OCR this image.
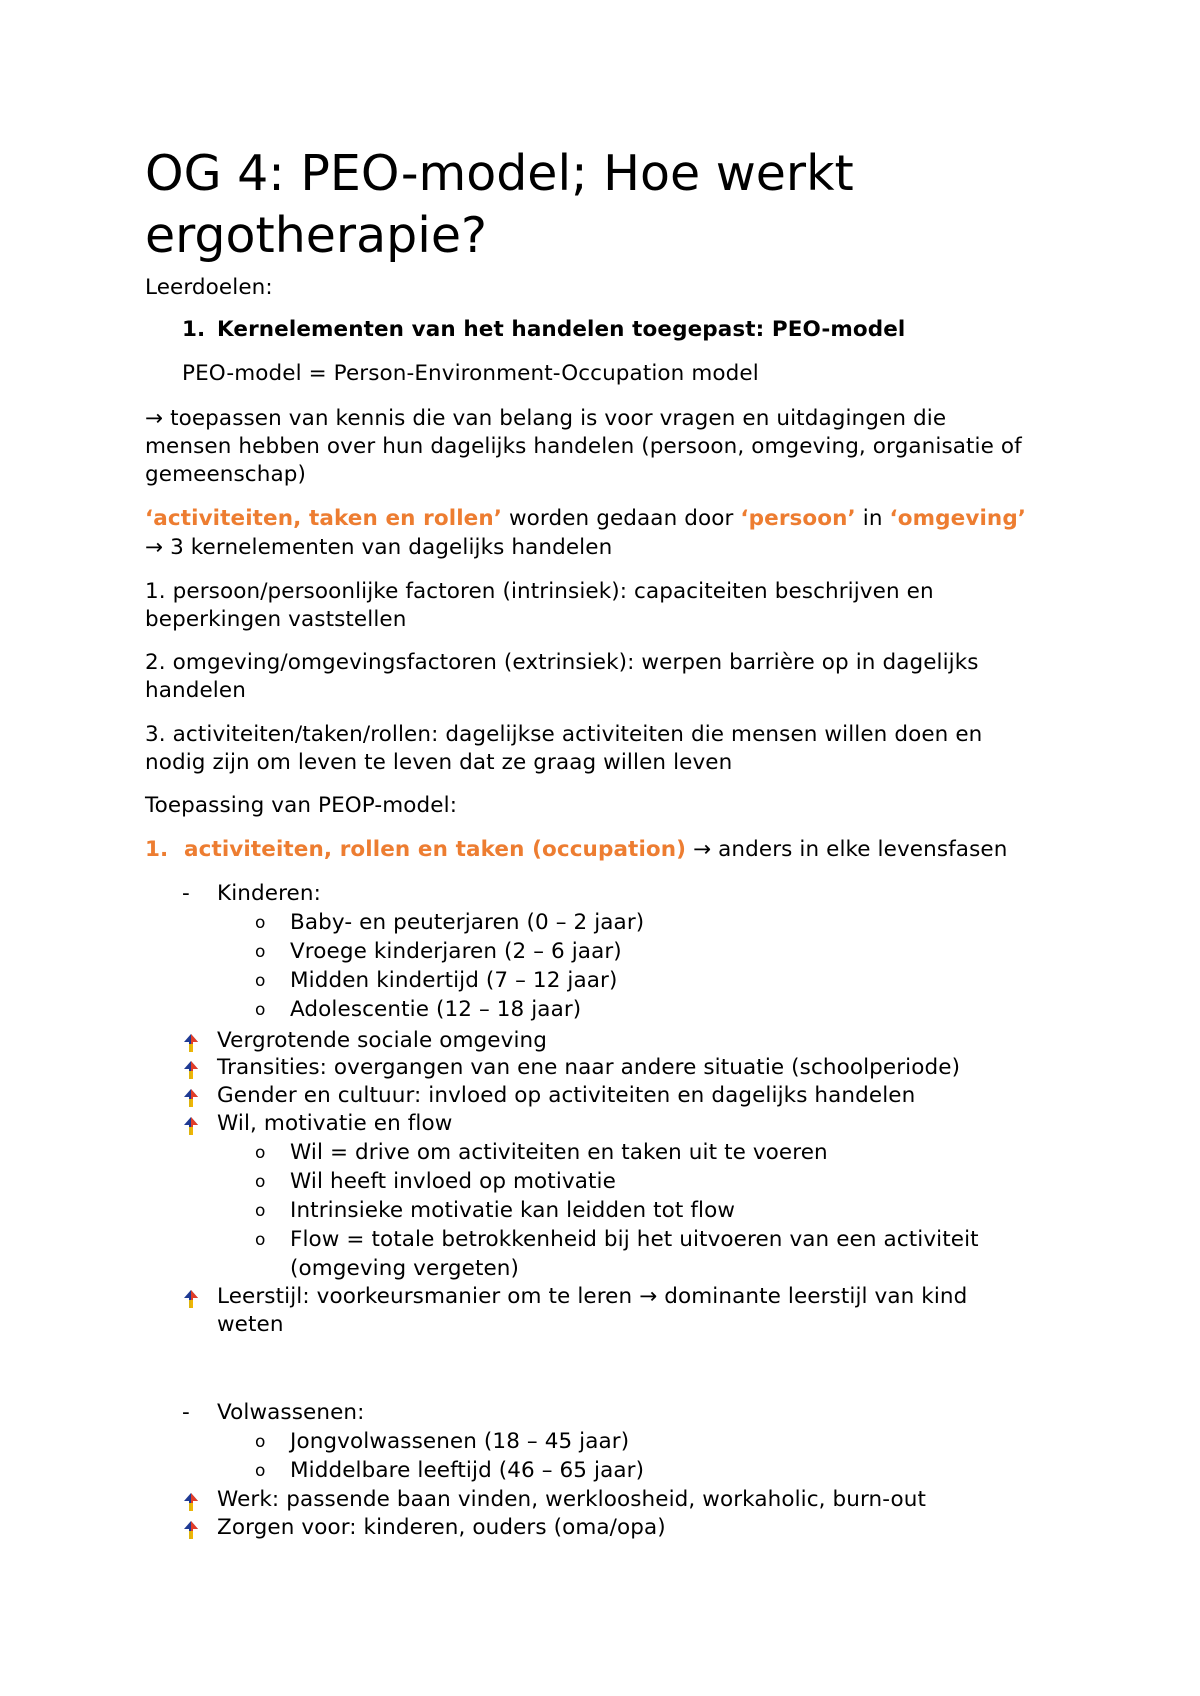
OG 4: PEO-model; Hoe werkt
ergotherapie?
Leerdoelen:
1. Kernelementen van het handelen toegepast: PEO-model
PEO-model = Person-Environment-Occupation model
→ toepassen van kennis die van belang is voor vragen en uitdagingen die
mensen hebben over hun dagelijks handelen (persoon, omgeving, organisatie of
gemeenschap)
‘activiteiten, taken en rollen’ worden gedaan door ‘persoon’ in ‘omgeving’
→ 3 kernelementen van dagelijks handelen
1. persoon/persoonlijke factoren (intrinsiek): capaciteiten beschrijven en
beperkingen vaststellen
2. omgeving/omgevingsfactoren (extrinsiek): werpen barrière op in dagelijks
handelen
3. activiteiten/taken/rollen: dagelijkse activiteiten die mensen willen doen en
nodig zijn om leven te leven dat ze graag willen leven
Toepassing van PEOP-model:
1. activiteiten, rollen en taken (occupation) → anders in elke levensfasen
- Kinderen:
o Baby- en peuterjaren (0 – 2 jaar)
o Vroege kinderjaren (2 – 6 jaar)
o Midden kindertijd (7 – 12 jaar)
o Adolescentie (12 – 18 jaar)
Vergrotende sociale omgeving
Transities: overgangen van ene naar andere situatie (schoolperiode)
Gender en cultuur: invloed op activiteiten en dagelijks handelen
Wil, motivatie en flow
o Wil = drive om activiteiten en taken uit te voeren
o Wil heeft invloed op motivatie
o Intrinsieke motivatie kan leidden tot flow
o Flow = totale betrokkenheid bij het uitvoeren van een activiteit
(omgeving vergeten)
Leerstijl: voorkeursmanier om te leren → dominante leerstijl van kind
weten
- Volwassenen:
o Jongvolwassenen (18 – 45 jaar)
o Middelbare leeftijd (46 – 65 jaar)
Werk: passende baan vinden, werkloosheid, workaholic, burn-out
Zorgen voor: kinderen, ouders (oma/opa)
